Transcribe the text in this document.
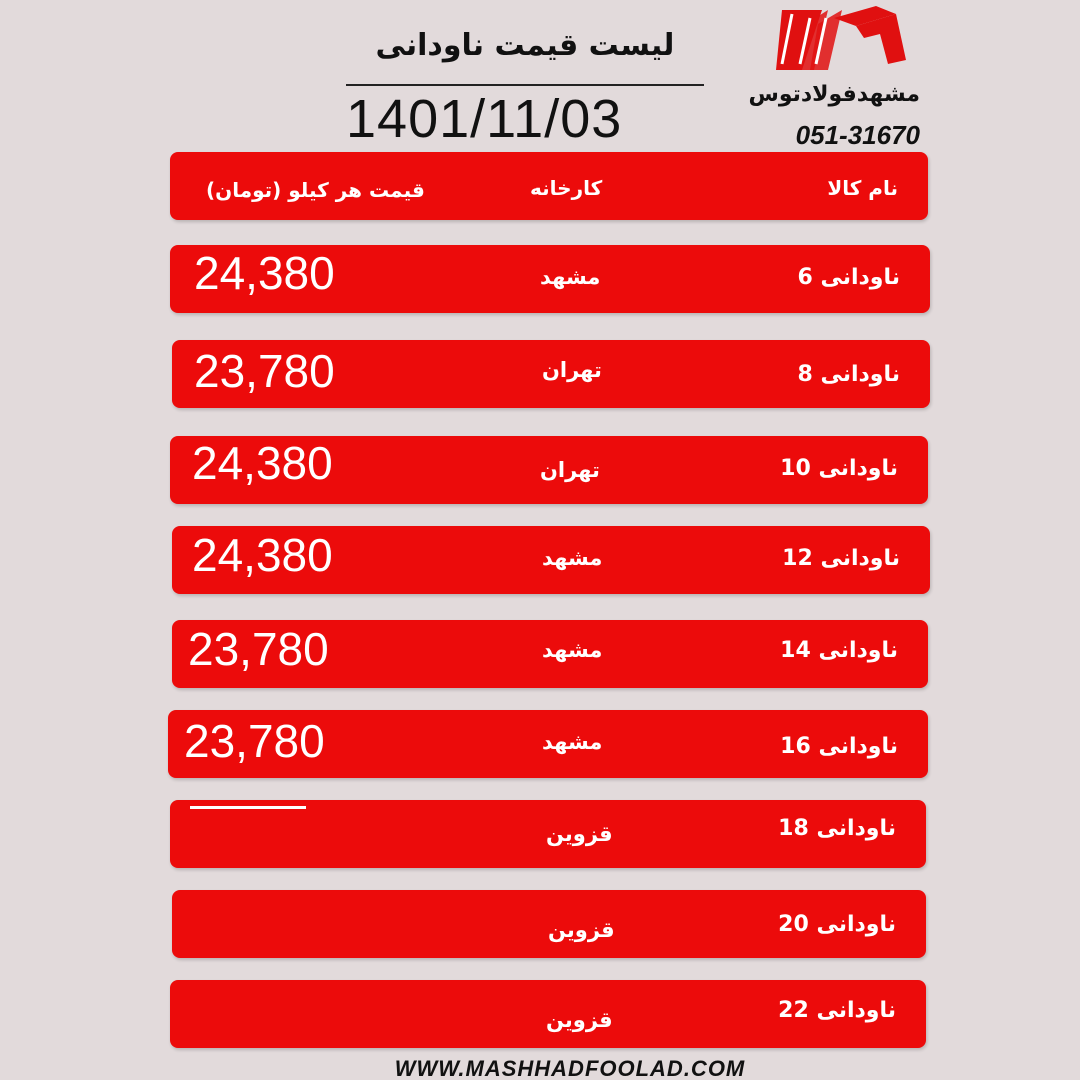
لیست قیمت ناودانی
1401/11/03	مشهدفولادتوس
051-31670
نام کالا
کارخانه
قیمت هر کیلو (تومان)
ناودانی 6
مشهد
24,380
ناودانی 8
تهران
23,780
ناودانی 10
تهران
24,380
ناودانی 12
مشهد
24,380
ناودانی 14
مشهد
23,780
ناودانی 16
مشهد
23,780
ناودانی 18
قزوین
ناودانی 20
قزوین
ناودانی 22
قزوین
WWW.MASHHADFOOLAD.COM
